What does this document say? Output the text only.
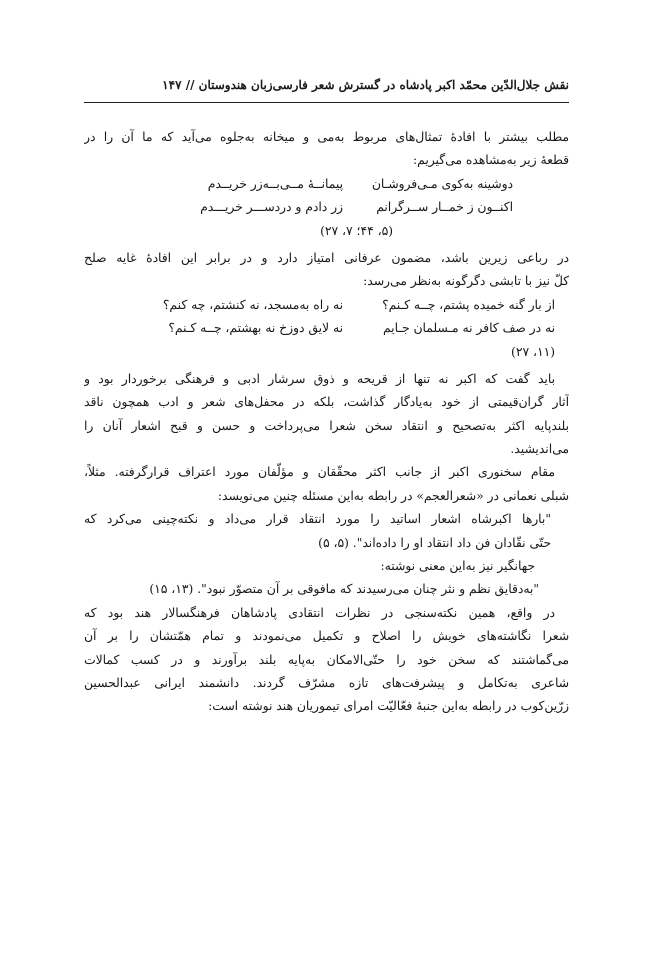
نقش جلال‌الدّین محمّد اکبر پادشاه در گسترش شعر فارسی‌زبان هندوستان // ۱۴۷
مطلب بیشتر با افادهٔ تمثال‌های مربوط به‌می و میخانه به‌جلوه می‌آید که ما آن را در
قطعهٔ زیر به‌مشاهده می‌گیریم:
دوشینه به‌کوی مـی‌فروشـان
پیمانــهٔ مــی‌بــه‌زر خریــدم
اکنــون ز خمــار ســرگرانم
زر دادم و دردســـر خریـــدم
(۵، ۴۴؛ ۷، ۲۷)
در رباعی زیرین باشد، مضمون عرفانی امتیاز دارد و در برابر این افادهٔ غایه صلح
کلّ نیز با تابشی دگرگونه به‌نظر می‌رسد:
از بار گنه خمیده پشتم، چــه کـنم؟
نه راه به‌مسجد، نه کنشتم، چه کنم؟
نه در صف کافر نه مـسلمان جـایم
نه لایق دوزخ نه بهشتم، چــه کـنم؟
(۱۱، ۲۷)
باید گفت که اکبر نه تنها از قریحه و ذوق سرشار ادبی و فرهنگی برخوردار بود و
آثار گران‌قیمتی از خود به‌یادگار گذاشت، بلکه در محفل‌های شعر و ادب همچون ناقد
بلندپایه اکثر به‌تصحیح و انتقاد سخن شعرا می‌پرداخت و حسن و قبح اشعار آنان را
می‌اندیشید.
مقام سخنوری اکبر از جانب اکثر محقّقان و مؤلّفان مورد اعتراف قرارگرفته. مثلاً،
شبلی نعمانی در «شعرالعجم» در رابطه به‌این مسئله چنین می‌نویسد:
"بارها اکبرشاه اشعار اساتید را مورد انتقاد قرار می‌داد و نکته‌چینی می‌کرد که
حتّی نقّادان فن داد انتقاد او را داده‌اند". (۵، ۵)
جهانگیر نیز به‌این معنی نوشته:
"به‌دقایق نظم و نثر چنان می‌رسیدند که مافوقی بر آن متصوّر نبود". (۱۳، ۱۵)
در واقع، همین نکته‌سنجی در نظرات انتقادی پادشاهان فرهنگسالار هند بود که
شعرا نگاشته‌های خویش را اصلاح و تکمیل می‌نمودند و تمام همّتشان را بر آن
می‌گماشتند که سخن خود را حتّی‌الامکان به‌پایه بلند برآورند و در کسب کمالات
شاعری به‌تکامل و پیشرفت‌های تازه مشرّف گردند. دانشمند ایرانی عبدالحسین
زرّین‌کوب در رابطه به‌این جنبهٔ فعّالیّت امرای تیموریان هند نوشته است:
